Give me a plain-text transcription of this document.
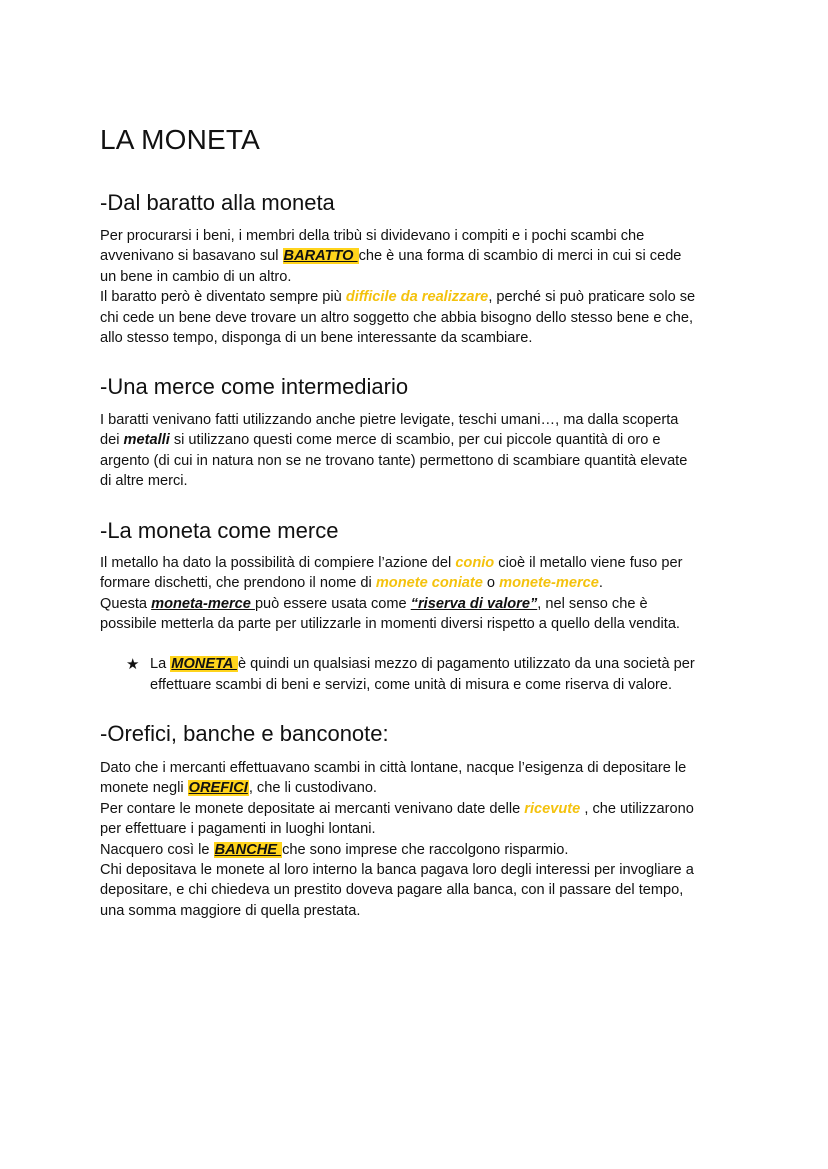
LA MONETA
-Dal baratto alla moneta

Per procurarsi i beni, i membri della tribù si dividevano i compiti e i pochi scambi che
avvenivano si basavano sul BARATTO che è una forma di scambio di merci in cui si cede
un bene in cambio di un altro.
Il baratto però è diventato sempre più difficile da realizzare, perché si può praticare solo se
chi cede un bene deve trovare un altro soggetto che abbia bisogno dello stesso bene e che,
allo stesso tempo, disponga di un bene interessante da scambiare.

-Una merce come intermediario

I baratti venivano fatti utilizzando anche pietre levigate, teschi umani…, ma dalla scoperta
dei metalli si utilizzano questi come merce di scambio, per cui piccole quantità di oro e
argento (di cui in natura non se ne trovano tante) permettono di scambiare quantità elevate
di altre merci.

-La moneta come merce

Il metallo ha dato la possibilità di compiere l’azione del conio cioè il metallo viene fuso per
formare dischetti, che prendono il nome di monete coniate o monete-merce.
Questa moneta-merce può essere usata come “riserva di valore”, nel senso che è
possibile metterla da parte per utilizzarle in momenti diversi rispetto a quello della vendita.

★ La MONETA è quindi un qualsiasi mezzo di pagamento utilizzato da una società per
effettuare scambi di beni e servizi, come unità di misura e come riserva di valore.
-Orefici, banche e banconote:

Dato che i mercanti effettuavano scambi in città lontane, nacque l’esigenza di depositare le
monete negli OREFICI, che li custodivano.
Per contare le monete depositate ai mercanti venivano date delle ricevute , che utilizzarono
per effettuare i pagamenti in luoghi lontani.
Nacquero così le BANCHE che sono imprese che raccolgono risparmio.
Chi depositava le monete al loro interno la banca pagava loro degli interessi per invogliare a
depositare, e chi chiedeva un prestito doveva pagare alla banca, con il passare del tempo,
una somma maggiore di quella prestata.
